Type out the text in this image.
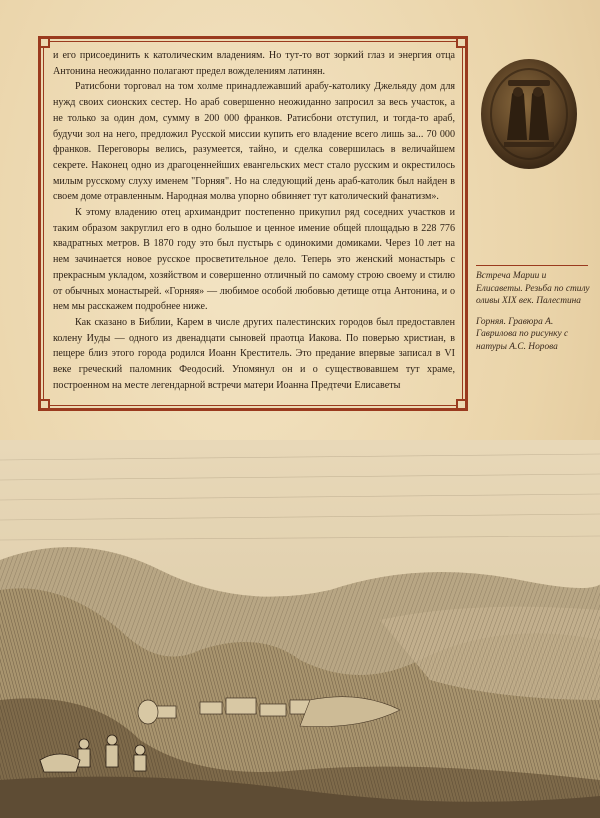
и его присоединить к католическим владениям. Но тут-то вот зоркий глаз и энергия отца Антонина неожиданно полагают предел вожделениям латинян.

Ратисбони торговал на том холме принадлежавший арабу-католику Джельяду дом для нужд своих сионских сестер. Но араб совершенно неожиданно запросил за весь участок, а не только за один дом, сумму в 200 000 франков. Ратисбони отступил, и тогда-то араб, будучи зол на него, предложил Русской миссии купить его владение всего лишь за... 70 000 франков. Переговоры велись, разумеется, тайно, и сделка совершилась в величайшем секрете. Наконец одно из драгоценнейших евангельских мест стало русским и окрестилось милым русскому слуху именем "Горняя". Но на следующий день араб-католик был найден в своем доме отравленным. Народная молва упорно обвиняет тут католический фанатизм».

К этому владению отец архимандрит постепенно прикупил ряд соседних участков и таким образом закруглил его в одно большое и ценное имение общей площадью в 228 776 квадратных метров. В 1870 году это был пустырь с одинокими домиками. Через 10 лет на нем зачинается новое русское просветительное дело. Теперь это женский монастырь с прекрасным укладом, хозяйством и совершенно отличный по самому строю своему и стилю от обычных монастырей. «Горняя» — любимое особой любовью детище отца Антонина, и о нем мы расскажем подробнее ниже.

Как сказано в Библии, Карем в числе других палестинских городов был предоставлен колену Иуды — одного из двенадцати сыновей праотца Иакова. По поверью христиан, в пещере близ этого города родился Иоанн Креститель. Это предание впервые записал в VI веке греческий паломник Феодосий. Упомянул он и о существовавшем тут храме, построенном на месте легендарной встречи матери Иоанна Предтечи Елисаветы

Встреча Марии и Елисаветы. Резьба по стилу оливы XIX век. Палестина

Горняя. Гравюра А. Гаврилова по рисунку с натуры А.С. Норова
